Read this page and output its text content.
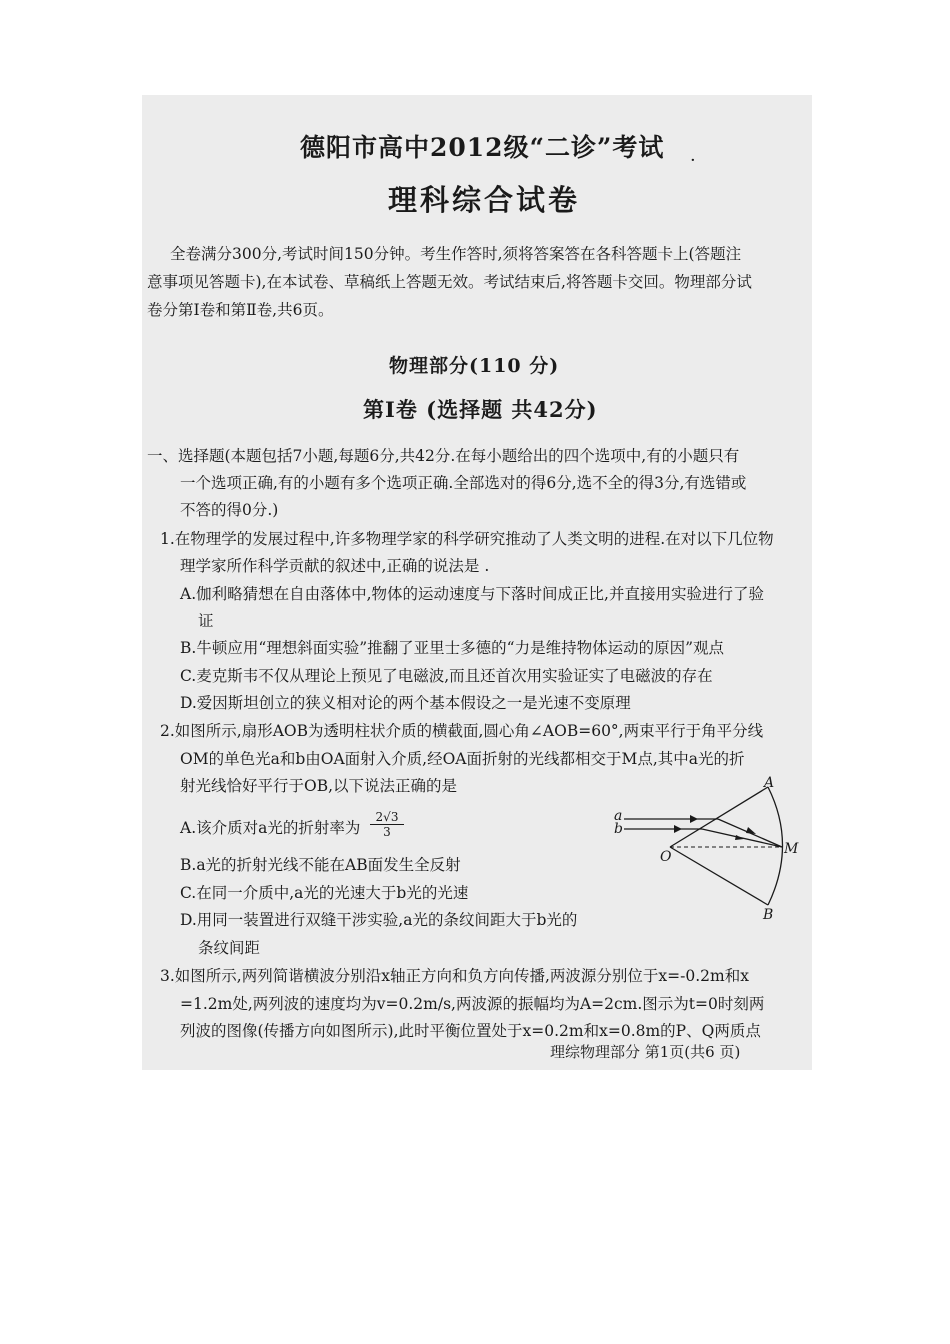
德阳市高中2012级“二诊”考试 ·
理科综合试卷
全卷满分300分,考试时间150分钟。考生作答时,须将答案答在各科答题卡上(答题注
意事项见答题卡),在本试卷、草稿纸上答题无效。考试结束后,将答题卡交回。物理部分试
卷分第Ⅰ卷和第Ⅱ卷,共6页。
物理部分(110 分)
第Ⅰ卷 (选择题 共42分)
一、选择题(本题包括7小题,每题6分,共42分.在每小题给出的四个选项中,有的小题只有
一个选项正确,有的小题有多个选项正确.全部选对的得6分,选不全的得3分,有选错或
不答的得0分.)
1.在物理学的发展过程中,许多物理学家的科学研究推动了人类文明的进程.在对以下几位物
理学家所作科学贡献的叙述中,正确的说法是 .
A.伽利略猜想在自由落体中,物体的运动速度与下落时间成正比,并直接用实验进行了验
证
B.牛顿应用“理想斜面实验”推翻了亚里士多德的“力是维持物体运动的原因”观点
C.麦克斯韦不仅从理论上预见了电磁波,而且还首次用实验证实了电磁波的存在
D.爱因斯坦创立的狭义相对论的两个基本假设之一是光速不变原理
2.如图所示,扇形AOB为透明柱状介质的横截面,圆心角∠AOB=60°,两束平行于角平分线
OM的单色光a和b由OA面射入介质,经OA面折射的光线都相交于M点,其中a光的折
射光线恰好平行于OB,以下说法正确的是
A.该介质对a光的折射率为 $\frac{2√3}{3}$
B.a光的折射光线不能在AB面发生全反射
C.在同一介质中,a光的光速大于b光的光速
D.用同一装置进行双缝干涉实验,a光的条纹间距大于b光的
条纹间距
a
b
O
A
B
M
3.如图所示,两列简谐横波分别沿x轴正方向和负方向传播,两波源分别位于x=-0.2m和x
=1.2m处,两列波的速度均为v=0.2m/s,两波源的振幅均为A=2cm.图示为t=0时刻两
列波的图像(传播方向如图所示),此时平衡位置处于x=0.2m和x=0.8m的P、Q两质点
理综物理部分 第1页(共6 页)
